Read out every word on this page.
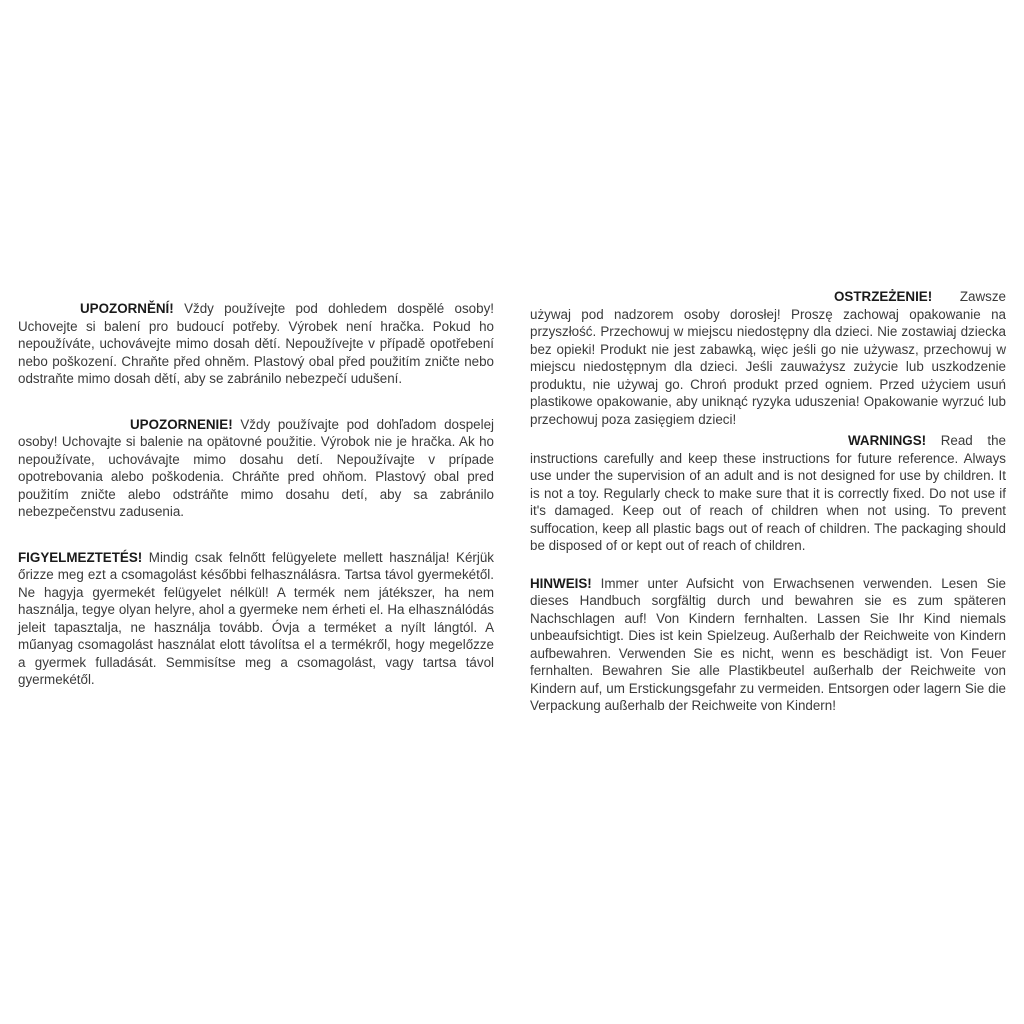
UPOZORNĚNÍ! Vždy používejte pod dohledem dospělé osoby! Uchovejte si balení pro budoucí potřeby. Výrobek není hračka. Pokud ho nepoužíváte, uchovávejte mimo dosah dětí. Nepoužívejte v případě opotřebení nebo poškození. Chraňte před ohněm. Plastový obal před použitím zničte nebo odstraňte mimo dosah dětí, aby se zabránilo nebezpečí udušení.

UPOZORNENIE! Vždy používajte pod dohľadom dospelej osoby! Uchovajte si balenie na opätovné použitie. Výrobok nie je hračka. Ak ho nepoužívate, uchovávajte mimo dosahu detí. Nepoužívajte v prípade opotrebovania alebo poškodenia. Chráňte pred ohňom. Plastový obal pred použitím zničte alebo odstráňte mimo dosahu detí, aby sa zabránilo nebezpečenstvu zadusenia.

FIGYELMEZTETÉS! Mindig csak felnőtt felügyelete mellett használja! Kérjük őrizze meg ezt a csomagolást későbbi felhasználásra. Tartsa távol gyermekétől. Ne hagyja gyermekét felügyelet nélkül! A termék nem játékszer, ha nem használja, tegye olyan helyre, ahol a gyermeke nem érheti el. Ha elhasználódás jeleit tapasztalja, ne használja tovább. Óvja a terméket a nyílt lángtól. A műanyag csomagolást használat elott távolítsa el a termékről, hogy megelőzze a gyermek fulladását. Semmisítse meg a csomagolást, vagy tartsa távol gyermekétől.

OSTRZEŻENIE! Zawsze używaj pod nadzorem osoby dorosłej! Proszę zachowaj opakowanie na przyszłość. Przechowuj w miejscu niedostępny dla dzieci. Nie zostawiaj dziecka bez opieki! Produkt nie jest zabawką, więc jeśli go nie używasz, przechowuj w miejscu niedostępnym dla dzieci. Jeśli zauważysz zużycie lub uszkodzenie produktu, nie używaj go. Chroń produkt przed ogniem. Przed użyciem usuń plastikowe opakowanie, aby uniknąć ryzyka uduszenia! Opakowanie wyrzuć lub przechowuj poza zasięgiem dzieci!

WARNINGS! Read the instructions carefully and keep these instructions for future reference. Always use under the supervision of an adult and is not designed for use by children. It is not a toy. Regularly check to make sure that it is correctly fixed. Do not use if it's damaged. Keep out of reach of children when not using. To prevent suffocation, keep all plastic bags out of reach of children. The packaging should be disposed of or kept out of reach of children.

HINWEIS! Immer unter Aufsicht von Erwachsenen verwenden. Lesen Sie dieses Handbuch sorgfältig durch und bewahren sie es zum späteren Nachschlagen auf! Von Kindern fernhalten. Lassen Sie Ihr Kind niemals unbeaufsichtigt. Dies ist kein Spielzeug. Außerhalb der Reichweite von Kindern aufbewahren. Verwenden Sie es nicht, wenn es beschädigt ist. Von Feuer fernhalten. Bewahren Sie alle Plastikbeutel außerhalb der Reichweite von Kindern auf, um Erstickungsgefahr zu vermeiden. Entsorgen oder lagern Sie die Verpackung außerhalb der Reichweite von Kindern!
